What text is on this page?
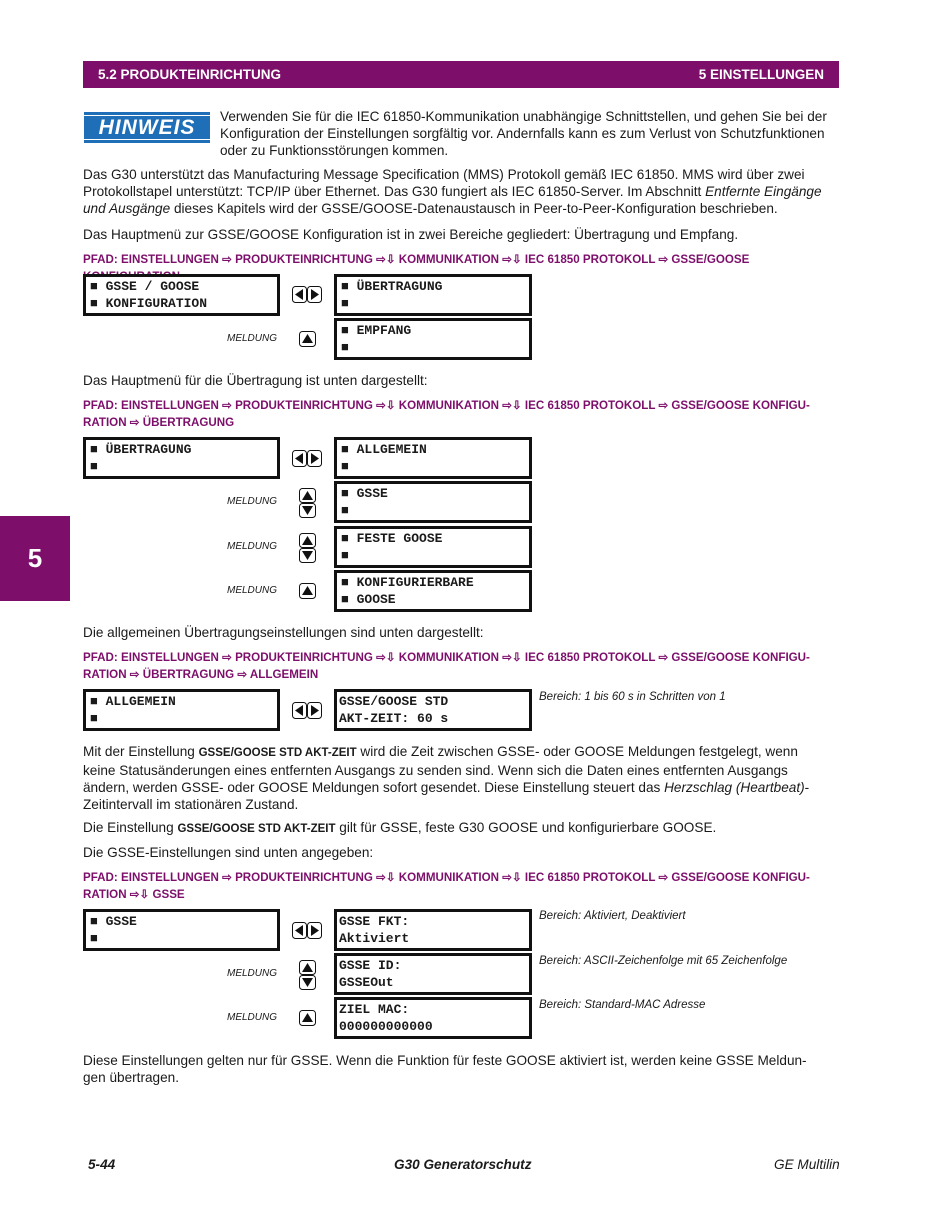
5.2 PRODUKTEINRICHTUNG	5 EINSTELLUNGEN
5
HINWEIS Verwenden Sie für die IEC 61850-Kommunikation unabhängige Schnittstellen, und gehen Sie bei der
Konfiguration der Einstellungen sorgfältig vor. Andernfalls kann es zum Verlust von Schutzfunktionen
oder zu Funktionsstörungen kommen.
Das G30 unterstützt das Manufacturing Message Specification (MMS) Protokoll gemäß IEC 61850. MMS wird über zwei
Protokollstapel unterstützt: TCP/IP über Ethernet. Das G30 fungiert als IEC 61850-Server. Im Abschnitt Entfernte Eingänge
und Ausgänge dieses Kapitels wird der GSSE/GOOSE-Datenaustausch in Peer-to-Peer-Konfiguration beschrieben.
Das Hauptmenü zur GSSE/GOOSE Konfiguration ist in zwei Bereiche gegliedert: Übertragung und Empfang.
PFAD: EINSTELLUNGEN ⇨ PRODUKTEINRICHTUNG ⇨⇩ KOMMUNIKATION ⇨⇩ IEC 61850 PROTOKOLL ⇨ GSSE/GOOSE
■ GSSE / GOOSE
■ KONFIGURATION
■ ÜBERTRAGUNG
■
MELDUNG
■ EMPFANG
■
Das Hauptmenü für die Übertragung ist unten dargestellt:
PFAD: EINSTELLUNGEN ⇨ PRODUKTEINRICHTUNG ⇨⇩ KOMMUNIKATION ⇨⇩ IEC 61850 PROTOKOLL ⇨ GSSE/GOOSE KONFIGU-
RATION ⇨ ÜBERTRAGUNG
■ ÜBERTRAGUNG
■
■ ALLGEMEIN
■
MELDUNG
■ GSSE
■
MELDUNG
■ FESTE GOOSE
■
MELDUNG
■ KONFIGURIERBARE
■ GOOSE
Die allgemeinen Übertragungseinstellungen sind unten dargestellt:
PFAD: EINSTELLUNGEN ⇨ PRODUKTEINRICHTUNG ⇨⇩ KOMMUNIKATION ⇨⇩ IEC 61850 PROTOKOLL ⇨ GSSE/GOOSE KONFIGU-
RATION ⇨ ÜBERTRAGUNG ⇨ ALLGEMEIN
■ ALLGEMEIN
■
GSSE/GOOSE STD
AKT-ZEIT: 60 s
Bereich: 1 bis 60 s in Schritten von 1
Mit der Einstellung GSSE/GOOSE STD AKT-ZEIT wird die Zeit zwischen GSSE- oder GOOSE Meldungen festgelegt, wenn
keine Statusänderungen eines entfernten Ausgangs zu senden sind. Wenn sich die Daten eines entfernten Ausgangs
ändern, werden GSSE- oder GOOSE Meldungen sofort gesendet. Diese Einstellung steuert das Herzschlag (Heartbeat)-
Zeitintervall im stationären Zustand.
Die Einstellung GSSE/GOOSE STD AKT-ZEIT gilt für GSSE, feste G30 GOOSE und konfigurierbare GOOSE.
Die GSSE-Einstellungen sind unten angegeben:
PFAD: EINSTELLUNGEN ⇨ PRODUKTEINRICHTUNG ⇨⇩ KOMMUNIKATION ⇨⇩ IEC 61850 PROTOKOLL ⇨ GSSE/GOOSE KONFIGU-
RATION ⇨⇩ GSSE
■ GSSE
■
GSSE FKT:
Aktiviert
Bereich: Aktiviert, Deaktiviert
MELDUNG
GSSE ID:
GSSEOut
Bereich: ASCII-Zeichenfolge mit 65 Zeichenfolge
MELDUNG
ZIEL MAC:
000000000000
Bereich: Standard-MAC Adresse
Diese Einstellungen gelten nur für GSSE. Wenn die Funktion für feste GOOSE aktiviert ist, werden keine GSSE Meldun-
gen übertragen.
5-44	G30 Generatorschutz	GE Multilin
